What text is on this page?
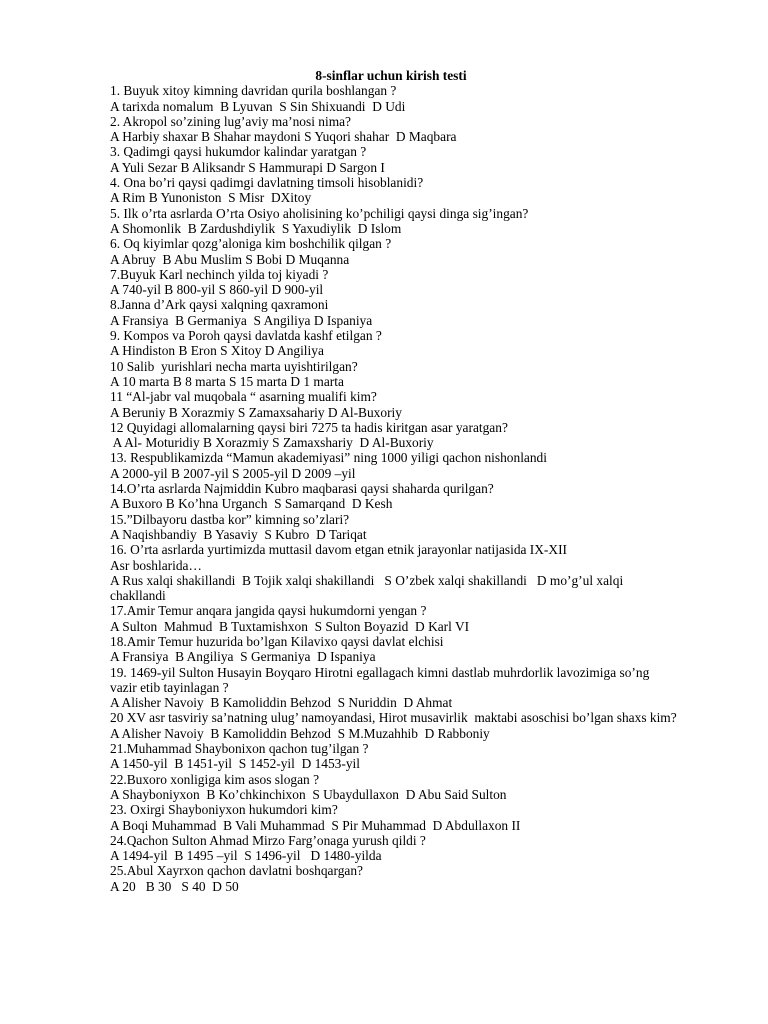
8-sinflar uchun kirish testi

1. Buyuk xitoy kimning davridan qurila boshlangan ?

A tarixda nomalum  B Lyuvan  S Sin Shixuandi  D Udi

2. Akropol so’zining lug’aviy ma’nosi nima?

A Harbiy shaxar B Shahar maydoni S Yuqori shahar  D Maqbara

3. Qadimgi qaysi hukumdor kalindar yaratgan ?

A Yuli Sezar B Aliksandr S Hammurapi D Sargon I

4. Ona bo’ri qaysi qadimgi davlatning timsoli hisoblanidi?

A Rim B Yunoniston  S Misr  DXitoy

5. Ilk o’rta asrlarda O’rta Osiyo aholisining ko’pchiligi qaysi dinga sig’ingan?

A Shomonlik  B Zardushdiylik  S Yaxudiylik  D Islom

6. Oq kiyimlar qozg’aloniga kim boshchilik qilgan ?

A Abruy  B Abu Muslim S Bobi D Muqanna

7.Buyuk Karl nechinch yilda toj kiyadi ?

A 740-yil B 800-yil S 860-yil D 900-yil

8.Janna d’Ark qaysi xalqning qaxramoni

A Fransiya  B Germaniya  S Angiliya D Ispaniya

9. Kompos va Poroh qaysi davlatda kashf etilgan ?

A Hindiston B Eron S Xitoy D Angiliya

10 Salib  yurishlari necha marta uyishtirilgan?

A 10 marta B 8 marta S 15 marta D 1 marta

11 “Al-jabr val muqobala “ asarning mualifi kim?

A Beruniy B Xorazmiy S Zamaxsahariy D Al-Buxoriy

12 Quyidagi allomalarning qaysi biri 7275 ta hadis kiritgan asar yaratgan?

A Al- Moturidiy B Xorazmiy S Zamaxshariy  D Al-Buxoriy

13. Respublikamizda “Mamun akademiyasi” ning 1000 yiligi qachon nishonlandi

A 2000-yil B 2007-yil S 2005-yil D 2009 –yil

14.O’rta asrlarda Najmiddin Kubro maqbarasi qaysi shaharda qurilgan?

A Buxoro B Ko’hna Urganch  S Samarqand  D Kesh

15.”Dilbayoru dastba kor” kimning so’zlari?

A Naqishbandiy  B Yasaviy  S Kubro  D Tariqat

16. O’rta asrlarda yurtimizda muttasil davom etgan etnik jarayonlar natijasida IX-XII

Asr boshlarida…

A Rus xalqi shakillandi  B Tojik xalqi shakillandi   S O’zbek xalqi shakillandi   D mo’g’ul xalqi

chakllandi

17.Amir Temur anqara jangida qaysi hukumdorni yengan ?

A Sulton  Mahmud  B Tuxtamishxon  S Sulton Boyazid  D Karl VI

18.Amir Temur huzurida bo’lgan Kilavixo qaysi davlat elchisi

A Fransiya  B Angiliya  S Germaniya  D Ispaniya

19. 1469-yil Sulton Husayin Boyqaro Hirotni egallagach kimni dastlab muhrdorlik lavozimiga so’ng

vazir etib tayinlagan ?

A Alisher Navoiy  B Kamoliddin Behzod  S Nuriddin  D Ahmat

20 XV asr tasviriy sa’natning ulug’ namoyandasi, Hirot musavirlik  maktabi asoschisi bo’lgan shaxs kim?

A Alisher Navoiy  B Kamoliddin Behzod  S M.Muzahhib  D Rabboniy

21.Muhammad Shaybonixon qachon tug’ilgan ?

A 1450-yil  B 1451-yil  S 1452-yil  D 1453-yil

22.Buxoro xonligiga kim asos slogan ?

A Shayboniyxon  B Ko’chkinchixon  S Ubaydullaxon  D Abu Said Sulton

23. Oxirgi Shayboniyxon hukumdori kim?

A Boqi Muhammad  B Vali Muhammad  S Pir Muhammad  D Abdullaxon II

24.Qachon Sulton Ahmad Mirzo Farg’onaga yurush qildi ?

A 1494-yil  B 1495 –yil  S 1496-yil   D 1480-yilda

25.Abul Xayrxon qachon davlatni boshqargan?

A 20   B 30   S 40  D 50
